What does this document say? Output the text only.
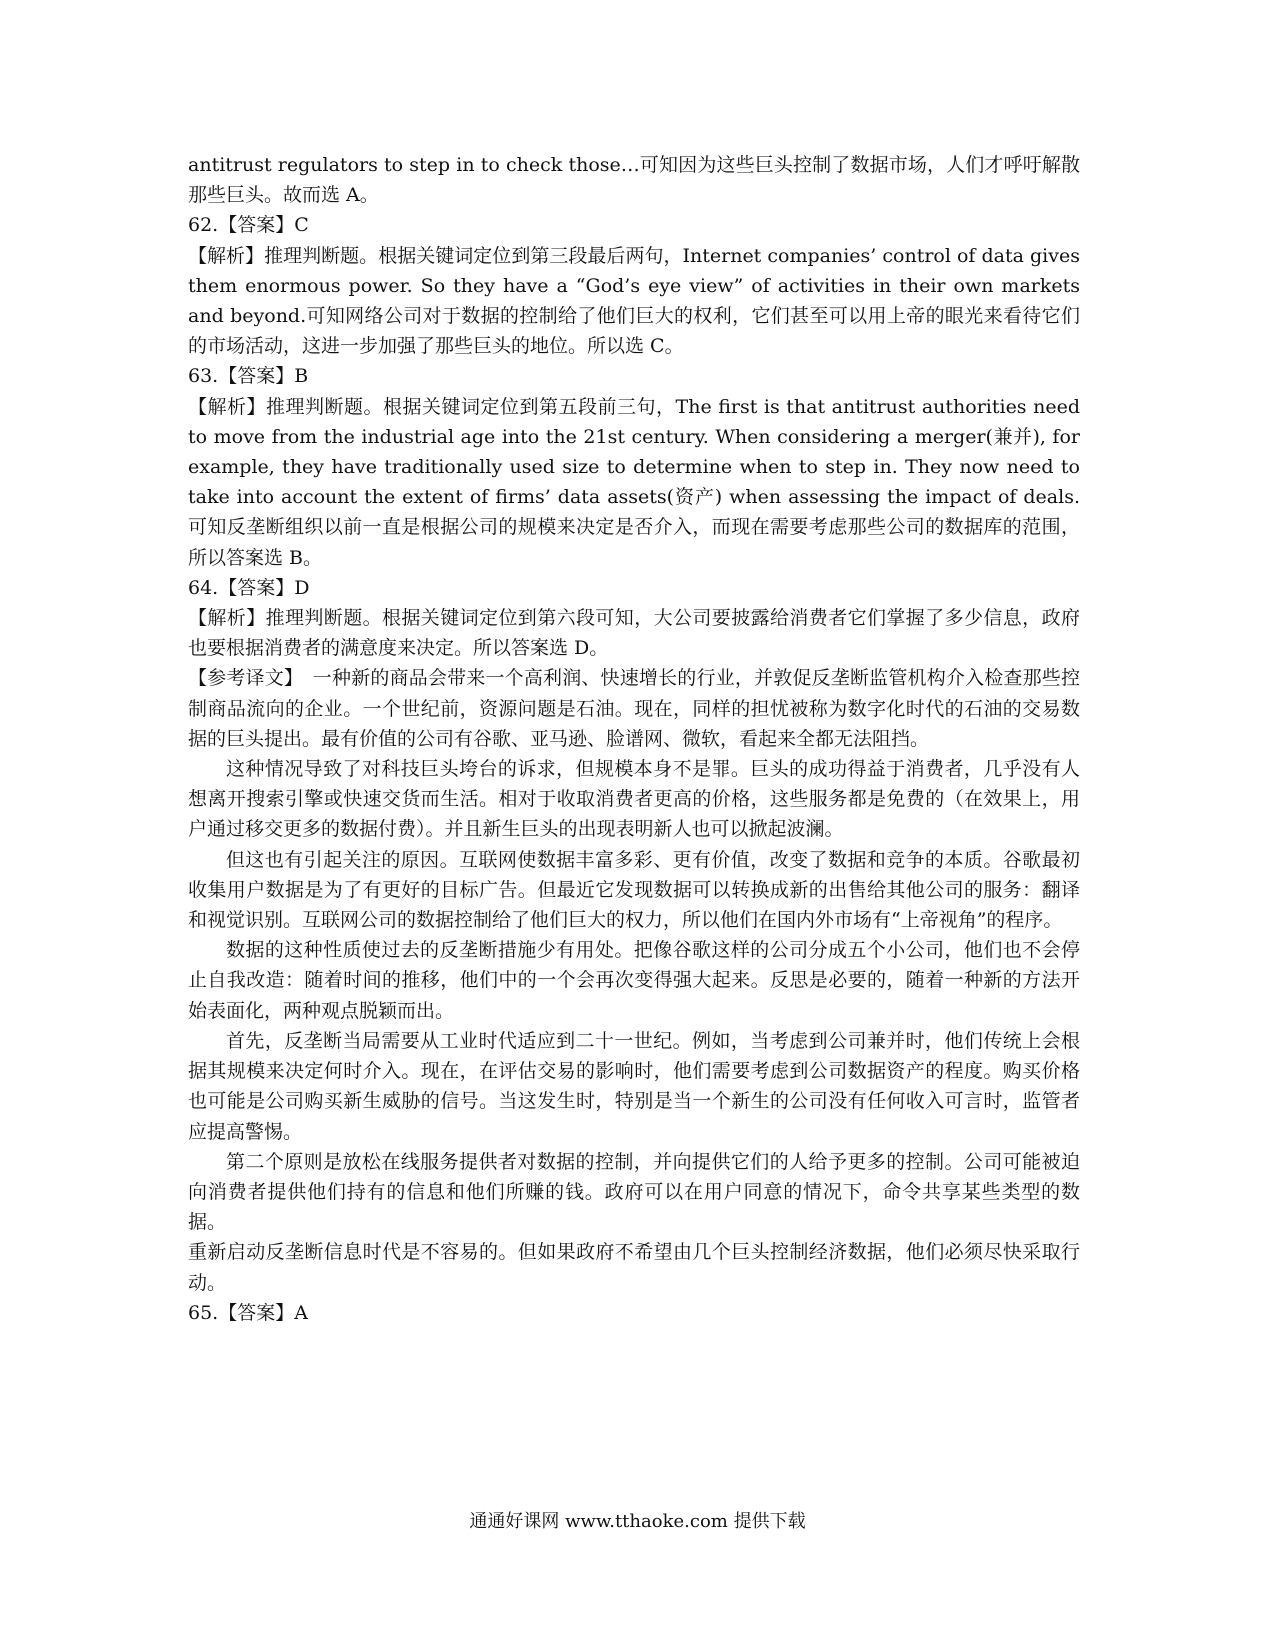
antitrust regulators to step in to check those…可知因为这些巨头控制了数据市场，人们才呼吁解散那些巨头。故而选 A。

62.【答案】C

【解析】推理判断题。根据关键词定位到第三段最后两句，Internet companies’ control of data gives them enormous power. So they have a “God’s eye view” of activities in their own markets and beyond.可知网络公司对于数据的控制给了他们巨大的权利，它们甚至可以用上帝的眼光来看待它们的市场活动，这进一步加强了那些巨头的地位。所以选 C。

63.【答案】B

【解析】推理判断题。根据关键词定位到第五段前三句，The first is that antitrust authorities need to move from the industrial age into the 21st century. When considering a merger(兼并), for example, they have traditionally used size to determine when to step in. They now need to take into account the extent of firms’ data assets(资产) when assessing the impact of deals. 可知反垄断组织以前一直是根据公司的规模来决定是否介入，而现在需要考虑那些公司的数据库的范围，所以答案选 B。

64.【答案】D

【解析】推理判断题。根据关键词定位到第六段可知，大公司要披露给消费者它们掌握了多少信息，政府也要根据消费者的满意度来决定。所以答案选 D。

【参考译文】　一种新的商品会带来一个高利润、快速增长的行业，并敦促反垄断监管机构介入检查那些控制商品流向的企业。一个世纪前，资源问题是石油。现在，同样的担忧被称为数字化时代的石油的交易数据的巨头提出。最有价值的公司有谷歌、亚马逊、脸谱网、微软，看起来全都无法阻挡。

这种情况导致了对科技巨头垮台的诉求，但规模本身不是罪。巨头的成功得益于消费者，几乎没有人想离开搜索引擎或快速交货而生活。相对于收取消费者更高的价格，这些服务都是免费的（在效果上，用户通过移交更多的数据付费）。并且新生巨头的出现表明新人也可以掀起波澜。

但这也有引起关注的原因。互联网使数据丰富多彩、更有价值，改变了数据和竞争的本质。谷歌最初收集用户数据是为了有更好的目标广告。但最近它发现数据可以转换成新的出售给其他公司的服务：翻译和视觉识别。互联网公司的数据控制给了他们巨大的权力，所以他们在国内外市场有“上帝视角”的程序。

数据的这种性质使过去的反垄断措施少有用处。把像谷歌这样的公司分成五个小公司，他们也不会停止自我改造：随着时间的推移，他们中的一个会再次变得强大起来。反思是必要的，随着一种新的方法开始表面化，两种观点脱颖而出。

首先，反垄断当局需要从工业时代适应到二十一世纪。例如，当考虑到公司兼并时，他们传统上会根据其规模来决定何时介入。现在，在评估交易的影响时，他们需要考虑到公司数据资产的程度。购买价格也可能是公司购买新生威胁的信号。当这发生时，特别是当一个新生的公司没有任何收入可言时，监管者应提高警惕。

第二个原则是放松在线服务提供者对数据的控制，并向提供它们的人给予更多的控制。公司可能被迫向消费者提供他们持有的信息和他们所赚的钱。政府可以在用户同意的情况下，命令共享某些类型的数据。

重新启动反垄断信息时代是不容易的。但如果政府不希望由几个巨头控制经济数据，他们必须尽快采取行动。

65.【答案】A

通通好课网 www.tthaoke.com 提供下载
